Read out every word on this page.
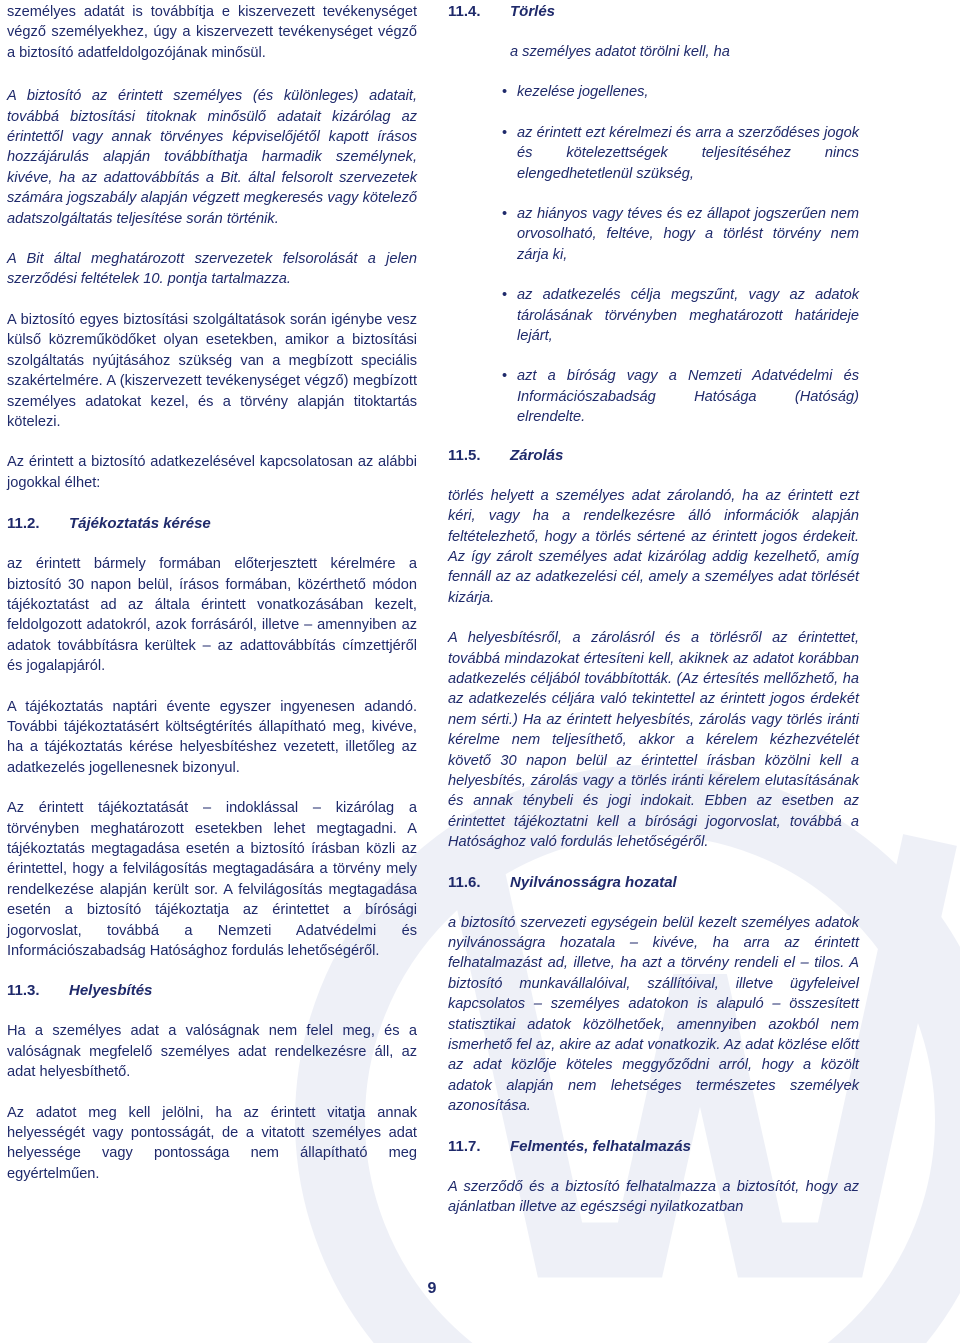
személyes adatát is továbbítja e kiszervezett tevékenységet végző személyekhez, úgy a kiszervezett tevékenységet végző a biztosító adatfeldolgozójának minősül.

A biztosító az érintett személyes (és különleges) adatait, továbbá biztosítási titoknak minősülő adatait kizárólag az érintettől vagy annak törvényes képviselőjétől kapott írásos hozzájárulás alapján továbbíthatja harmadik személynek, kivéve, ha az adattovábbítás a Bit. által felsorolt szervezetek számára jogszabály alapján végzett megkeresés vagy kötelező adatszolgáltatás teljesítése során történik.

A Bit által meghatározott szervezetek felsorolását a jelen szerződési feltételek 10. pontja tartalmazza.

A biztosító egyes biztosítási szolgáltatások során igénybe vesz külső közreműködőket olyan esetekben, amikor a biztosítási szolgáltatás nyújtásához szükség van a megbízott speciális szakértelmére. A (kiszervezett tevékenységet végző) megbízott személyes adatokat kezel, és a törvény alapján titoktartás kötelezi.

Az érintett a biztosító adatkezelésével kapcsolatosan az alábbi jogokkal élhet:

11.2. Tájékoztatás kérése

az érintett bármely formában előterjesztett kérelmére a biztosító 30 napon belül, írásos formában, közérthető módon tájékoztatást ad az általa érintett vonatkozásában kezelt, feldolgozott adatokról, azok forrásáról, illetve – amennyiben az adatok továbbításra kerültek – az adattovábbítás címzettjéről és jogalapjáról.

A tájékoztatás naptári évente egyszer ingyenesen adandó. További tájékoztatásért költségtérítés állapítható meg, kivéve, ha a tájékoztatás kérése helyesbítéshez vezetett, illetőleg az adatkezelés jogellenesnek bizonyul.

Az érintett tájékoztatását – indoklással – kizárólag a törvényben meghatározott esetekben lehet megtagadni. A tájékoztatás megtagadása esetén a biztosító írásban közli az érintettel, hogy a felvilágosítás megtagadására a törvény mely rendelkezése alapján került sor. A felvilágosítás megtagadása esetén a biztosító tájékoztatja az érintettet a bírósági jogorvoslat, továbbá a Nemzeti Adatvédelmi és Információszabadság Hatósághoz fordulás lehetőségéről.

11.3. Helyesbítés

Ha a személyes adat a valóságnak nem felel meg, és a valóságnak megfelelő személyes adat rendelkezésre áll, az adat helyesbíthető.

Az adatot meg kell jelölni, ha az érintett vitatja annak helyességét vagy pontosságát, de a vitatott személyes adat helyessége vagy pontossága nem állapítható meg egyértelműen.

11.4. Törlés

a személyes adatot törölni kell, ha

• kezelése jogellenes,
• az érintett ezt kérelmezi és arra a szerződéses jogok és kötelezettségek teljesítéséhez nincs elengedhetetlenül szükség,
• az hiányos vagy téves és ez állapot jogszerűen nem orvosolható, feltéve, hogy a törlést törvény nem zárja ki,
• az adatkezelés célja megszűnt, vagy az adatok tárolásának törvényben meghatározott határideje lejárt,
• azt a bíróság vagy a Nemzeti Adatvédelmi és Információszabadság Hatósága (Hatóság) elrendelte.
11.5. Zárolás

törlés helyett a személyes adat zárolandó, ha az érintett ezt kéri, vagy ha a rendelkezésre álló információk alapján feltételezhető, hogy a törlés sértené az érintett jogos érdekeit. Az így zárolt személyes adat kizárólag addig kezelhető, amíg fennáll az az adatkezelési cél, amely a személyes adat törlését kizárja.

A helyesbítésről, a zárolásról és a törlésről az érintettet, továbbá mindazokat értesíteni kell, akiknek az adatot korábban adatkezelés céljából továbbították. (Az értesítés mellőzhető, ha az adatkezelés céljára való tekintettel az érintett jogos érdekét nem sérti.) Ha az érintett helyesbítés, zárolás vagy törlés iránti kérelme nem teljesíthető, akkor a kérelem kézhezvételét követő 30 napon belül az érintettel írásban közölni kell a helyesbítés, zárolás vagy a törlés iránti kérelem elutasításának és annak ténybeli és jogi indokait. Ebben az esetben az érintettet tájékoztatni kell a bírósági jogorvoslat, továbbá a Hatósághoz való fordulás lehetőségéről.

11.6. Nyilvánosságra hozatal

a biztosító szervezeti egységein belül kezelt személyes adatok nyilvánosságra hozatala – kivéve, ha arra az érintett felhatalmazást ad, illetve, ha azt a törvény rendeli el – tilos. A biztosító munkavállalóival, szállítóival, illetve ügyfeleivel kapcsolatos – személyes adatokon is alapuló – összesített statisztikai adatok közölhetőek, amennyiben azokból nem ismerhető fel az, akire az adat vonatkozik. Az adat közlése előtt az adat közlője köteles meggyőződni arról, hogy a közölt adatok alapján nem lehetséges természetes személyek azonosítása.

11.7. Felmentés, felhatalmazás

A szerződő és a biztosító felhatalmazza a biztosítót, hogy az ajánlatban illetve az egészségi nyilatkozatban

9
